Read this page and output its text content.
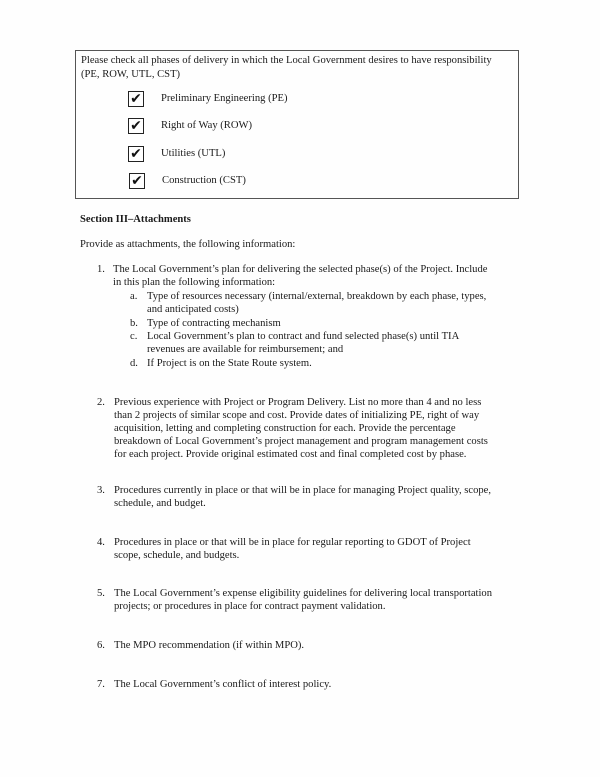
Please check all phases of delivery in which the Local Government desires to have responsibility
(PE, ROW, UTL, CST)
✔ Preliminary Engineering (PE)
✔ Right of Way (ROW)
✔ Utilities (UTL)
✔ Construction (CST)
Section III–Attachments
Provide as attachments, the following information:
1. The Local Government’s plan for delivering the selected phase(s) of the Project. Include
in this plan the following information:
a. Type of resources necessary (internal/external, breakdown by each phase, types,
and anticipated costs)
b. Type of contracting mechanism
c. Local Government’s plan to contract and fund selected phase(s) until TIA
revenues are available for reimbursement; and
d. If Project is on the State Route system.
2. Previous experience with Project or Program Delivery. List no more than 4 and no less
than 2 projects of similar scope and cost. Provide dates of initializing PE, right of way
acquisition, letting and completing construction for each. Provide the percentage
breakdown of Local Government’s project management and program management costs
for each project. Provide original estimated cost and final completed cost by phase.
3. Procedures currently in place or that will be in place for managing Project quality, scope,
schedule, and budget.
4. Procedures in place or that will be in place for regular reporting to GDOT of Project
scope, schedule, and budgets.
5. The Local Government’s expense eligibility guidelines for delivering local transportation
projects; or procedures in place for contract payment validation.
6. The MPO recommendation (if within MPO).
7. The Local Government’s conflict of interest policy.
